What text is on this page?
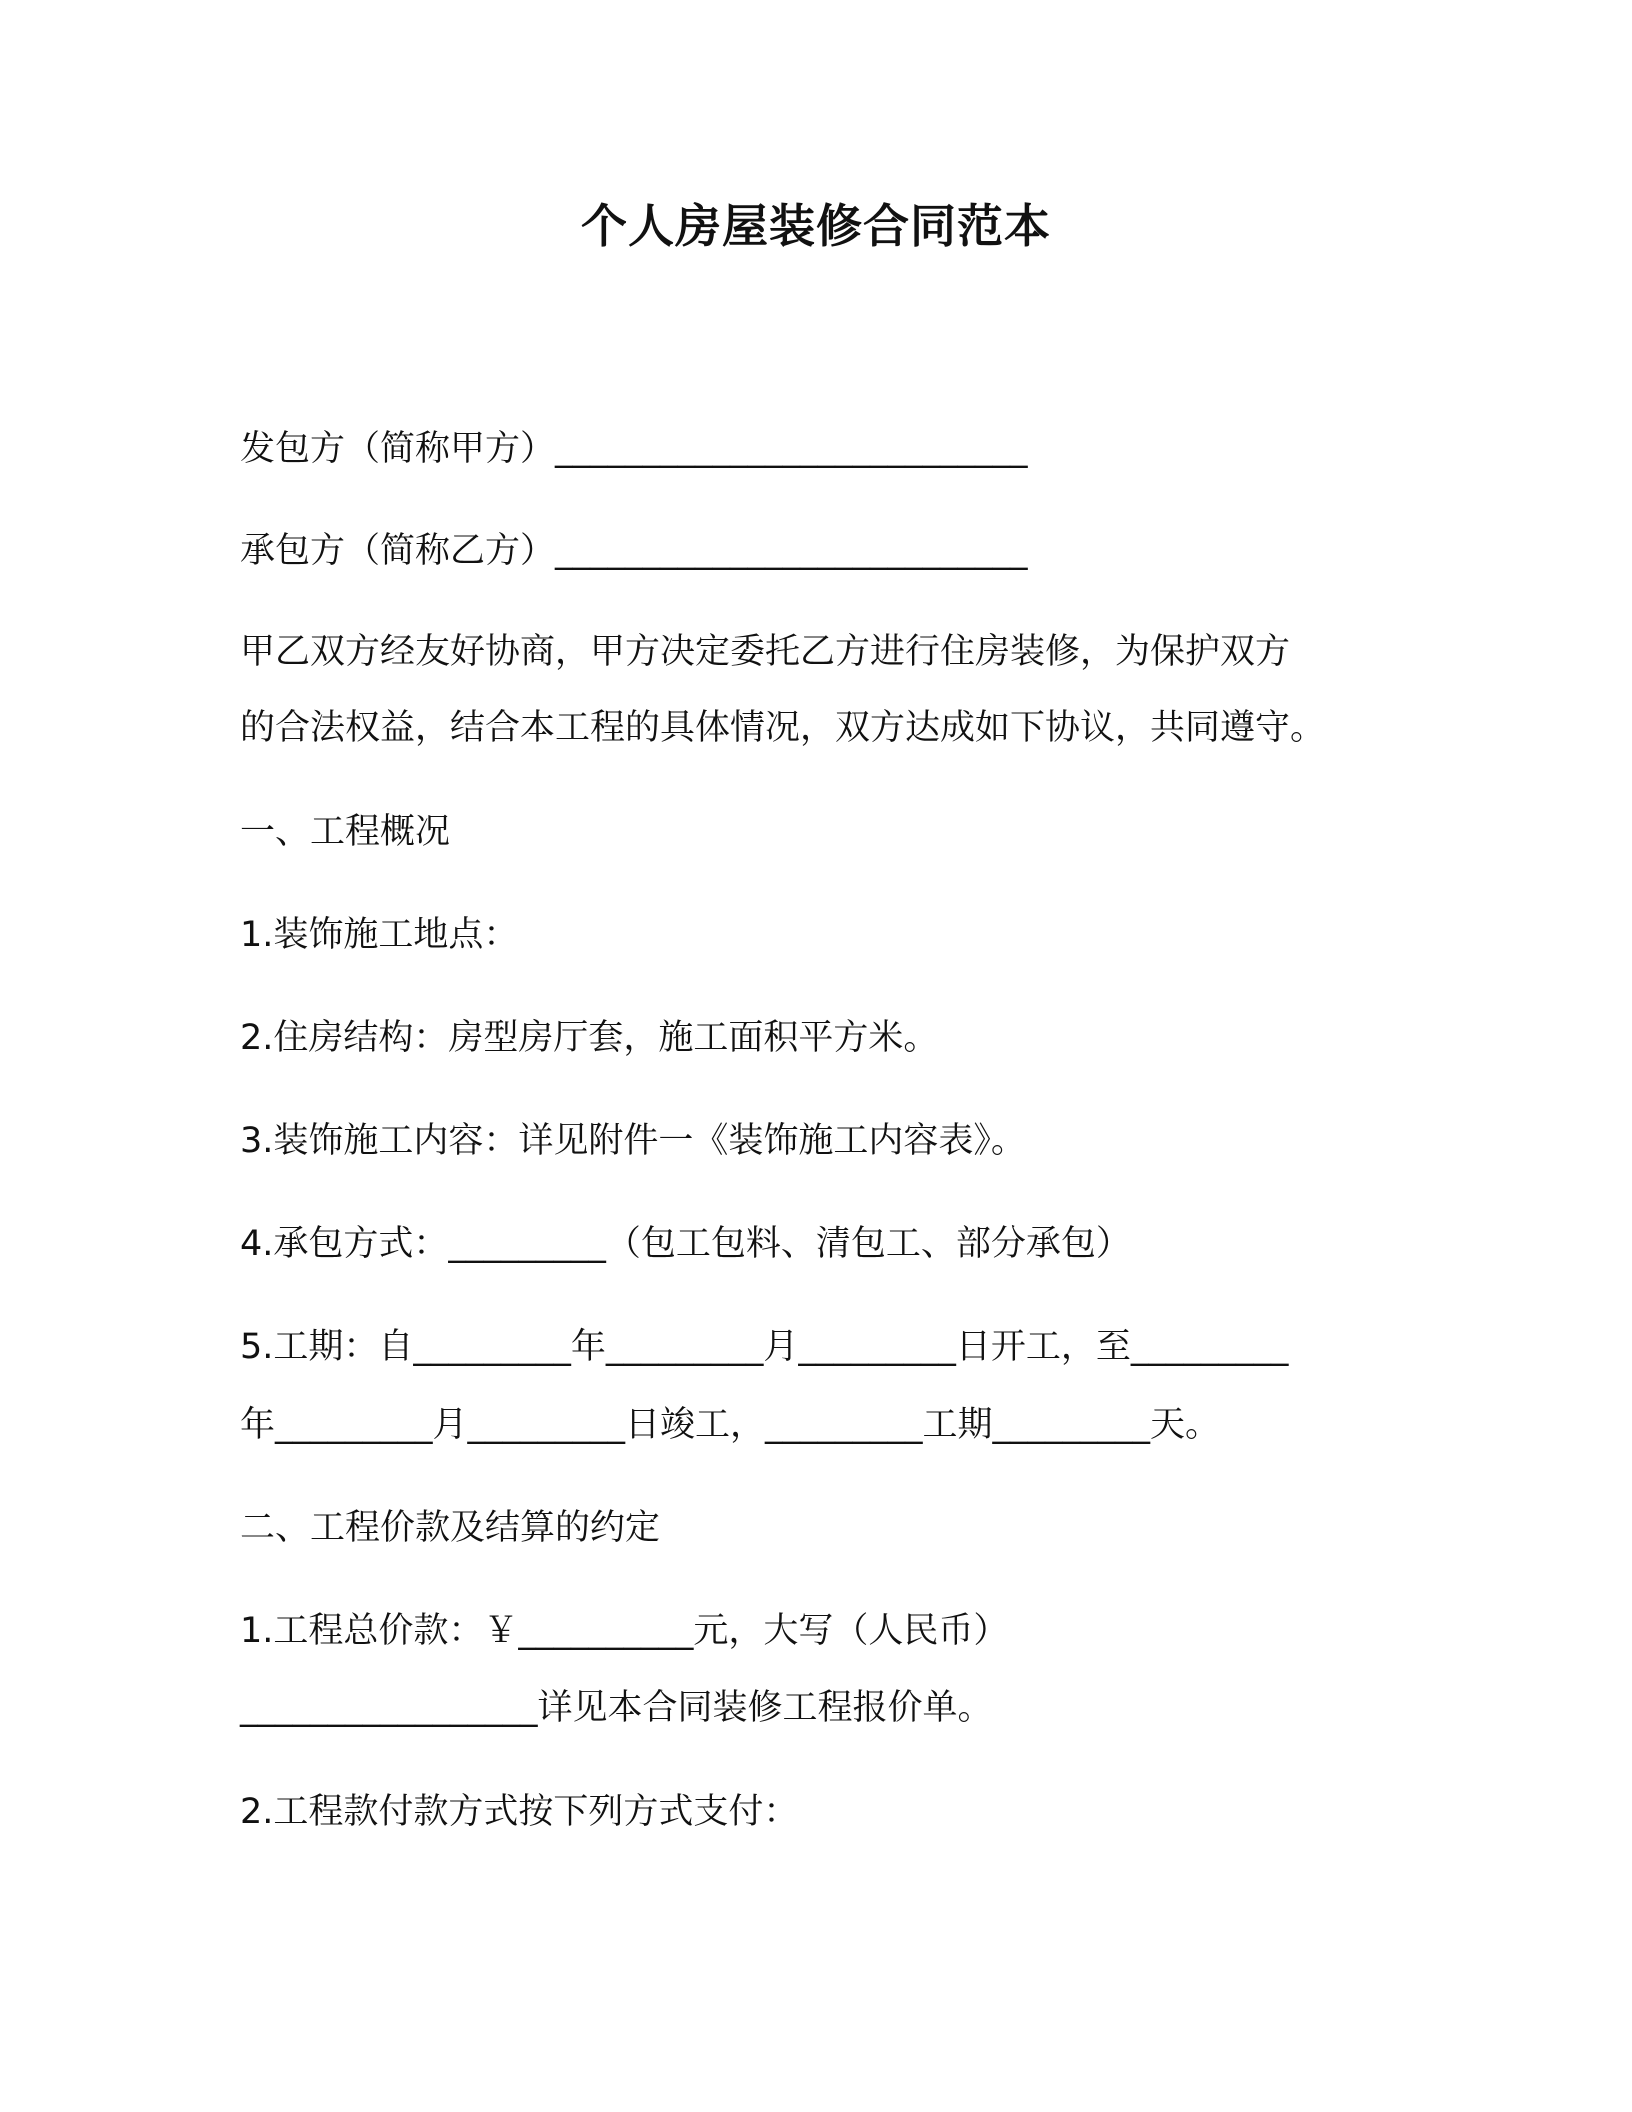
个人房屋装修合同范本
发包方（简称甲方）___________________________
承包方（简称乙方）___________________________
甲乙双方经友好协商，甲方决定委托乙方进行住房装修，为保护双方
的合法权益，结合本工程的具体情况，双方达成如下协议，共同遵守。
一、工程概况
1.装饰施工地点：
2.住房结构：房型房厅套，施工面积平方米。
3.装饰施工内容：详见附件一《装饰施工内容表》。
4.承包方式：_________（包工包料、清包工、部分承包）
5.工期：自_________年_________月_________日开工，至_________
年_________月_________日竣工，_________工期_________天。
二、工程价款及结算的约定
1.工程总价款：￥__________元，大写（人民币）
_________________详见本合同装修工程报价单。
2.工程款付款方式按下列方式支付：
